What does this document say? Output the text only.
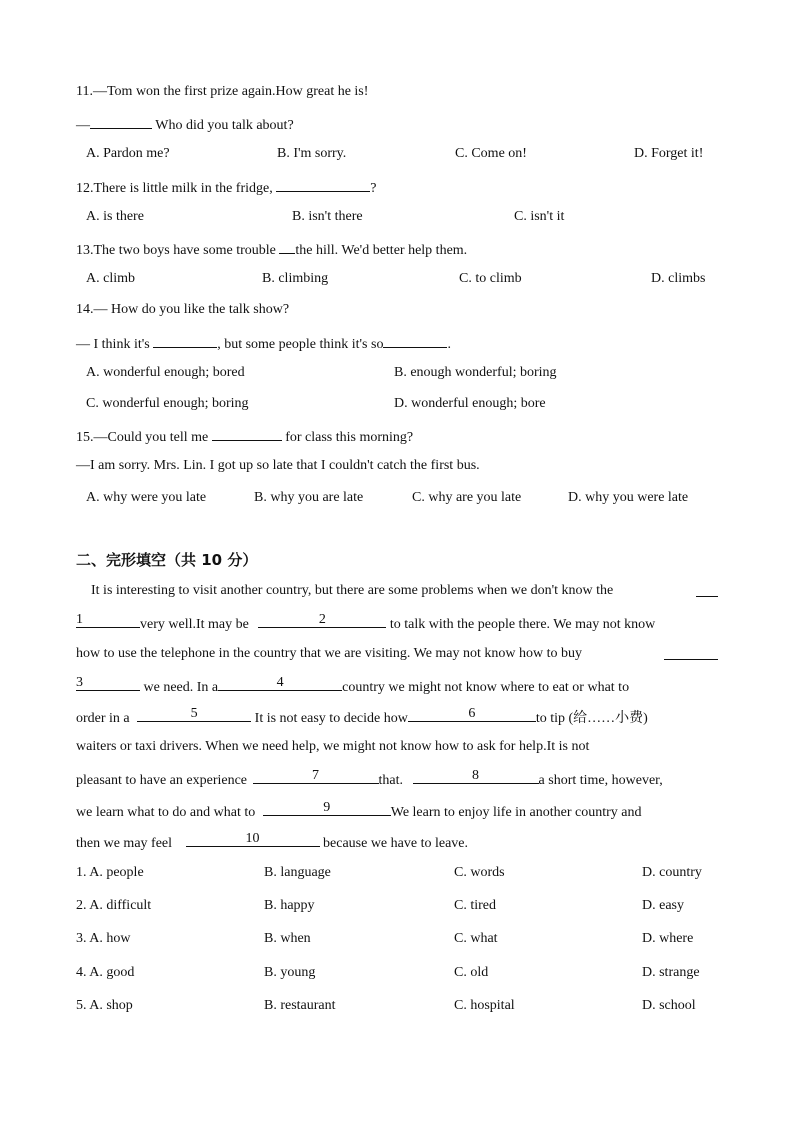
11.—Tom won the first prize again.How great he is!
—	Who did you talk about?
A. Pardon me?	B. I'm sorry.	C. Come on!	D. Forget it!
12.There is little milk in the fridge,	?
A. is there	B. isn't there	C. isn't it
13.The two boys have some trouble the hill. We'd better help them.
A. climb	B. climbing	C. to climb	D. climbs
14.— How do you like the talk show?
— I think it's	, but some people think it's so	.
A. wonderful enough; bored	B. enough wonderful; boring
C. wonderful enough; boring	D. wonderful enough; bore
15.—Could you tell me	for class this morning?
—I am sorry. Mrs. Lin. I got up so late that I couldn't catch the first bus.
A. why were you late	B. why you are late	C. why are you late	D. why you were late
二、完形填空（共 10 分）
It is interesting to visit another country, but there are some problems when we don't know the
1	very well.It may be	2	to talk with the people there. We may not know
how to use the telephone in the country that we are visiting. We may not know how to buy
3	we need. In a	4	country we might not know where to eat or what to
order in a	5	It is not easy to decide how	6	to tip (给……小费)
waiters or taxi drivers. When we need help, we might not know how to ask for help.It is not
pleasant to have an experience	7	that.	8	a short time, however,
we learn what to do and what to	9	We learn to enjoy life in another country and
then we may feel	10	because we have to leave.
1. A. people	B. language	C. words	D. country
2. A. difficult	B. happy	C. tired	D. easy
3. A. how	B. when	C. what	D. where
4. A. good	B. young	C. old	D. strange
5. A. shop	B. restaurant	C. hospital	D. school
